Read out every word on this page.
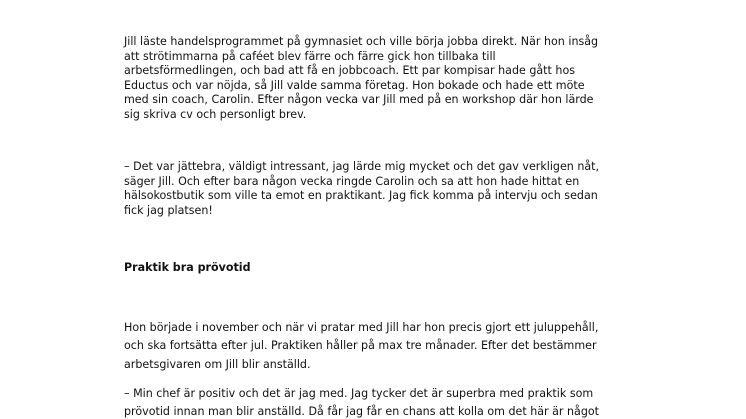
Jill läste handelsprogrammet på gymnasiet och ville börja jobba direkt. När hon insåg
att strötimmarna på caféet blev färre och färre gick hon tillbaka till
arbetsförmedlingen, och bad att få en jobbcoach. Ett par kompisar hade gått hos
Eductus och var nöjda, så Jill valde samma företag. Hon bokade och hade ett möte
med sin coach, Carolin. Efter någon vecka var Jill med på en workshop där hon lärde
sig skriva cv och personligt brev.

– Det var jättebra, väldigt intressant, jag lärde mig mycket och det gav verkligen nåt,
säger Jill. Och efter bara någon vecka ringde Carolin och sa att hon hade hittat en
hälsokostbutik som ville ta emot en praktikant. Jag fick komma på intervju och sedan
fick jag platsen!

Praktik bra prövotid

Hon började i november och när vi pratar med Jill har hon precis gjort ett juluppehåll,
och ska fortsätta efter jul. Praktiken håller på max tre månader. Efter det bestämmer
arbetsgivaren om Jill blir anställd.

– Min chef är positiv och det är jag med. Jag tycker det är superbra med praktik som
prövotid innan man blir anställd. Då får jag får en chans att kolla om det här är något
